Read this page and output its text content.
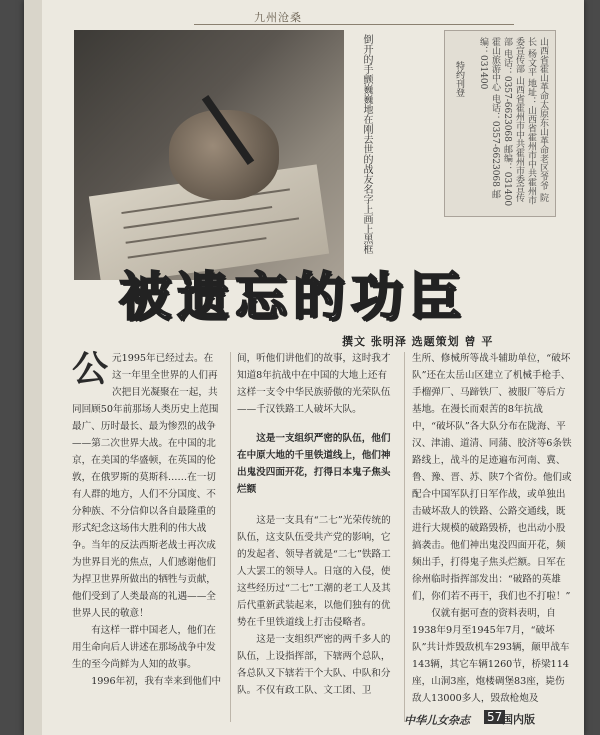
九州沧桑
倒开的手颤巍巍地在刚去世的战友名字上画上黑框	山西省霍山革命太原东山革命老区爷爷 院长 杨文平 地址：山西省霍州市中共霍州市委宣传部 山西省霍州市中共霍州市委宣传部 电话：0357-6623068 邮编：031400 霍山旅游中心 电话：0357-6623068 邮编：031400
特约刊登
被遗忘的功臣
撰文 张明泽 选题策划 曾 平

公元1995年已经过去。在这一年里全世界的人们再次把目光凝聚在一起，共同回顾50年前那场人类历史上范围最广、历时最长、最为惨烈的战争——第二次世界大战。在中国的北京，在美国的华盛顿，在英国的伦敦，在俄罗斯的莫斯科……在一切有人群的地方，人们不分国度、不分种族、不分信仰以各自最隆重的形式纪念这场伟大胜利的伟大战争。当年的反法西斯老战士再次成为世界目光的焦点，人们感谢他们为捍卫世界所做出的牺牲与贡献，他们受到了人类最高的礼遇——全世界人民的敬意！

有这样一群中国老人，他们在用生命向后人讲述在那场战争中发生的至今尚鲜为人知的故事。

1996年初，我有幸来到他们中

间，听他们讲他们的故事，这时我才知道8年抗战中在中国的大地上还有这样一支令中华民族骄傲的光荣队伍——千汉铁路工人破坏大队。

这是一支组织严密的队伍，他们在中原大地的千里铁道线上，他们神出鬼没四面开花，打得日本鬼子焦头烂额

这是一支具有“二七”光荣传统的队伍，这支队伍受共产党的影响，它的发起者、领导者就是“二七”铁路工人大罢工的领导人。日寇的入侵，使这些经历过“二七”工潮的老工人及其后代重新武装起来，以他们独有的优势在千里铁道线上打击侵略者。

这是一支组织严密的两千多人的队伍，上设指挥部，下辖两个总队，各总队又下辖若干个大队、中队和分队。不仅有政工队、文工团、卫

生所、修械所等战斗辅助单位，“破坏队”还在太岳山区建立了机械手枪手、手榴弹厂、马蹄铁厂、被服厂等后方基地。在漫长而艰苦的8年抗战中，“破坏队”各大队分布在陇海、平汉、津浦、道清、同蒲、胶济等6条铁路线上，战斗的足迹遍布河南、冀、鲁、豫、晋、苏、陕7个省份。他们或配合中国军队打日军作战，或单独出击破坏敌人的铁路、公路交通线，既进行大规模的破路毁桥，也出动小股搞袭击。他们神出鬼没四面开花，频频出手，打得鬼子焦头烂额。日军在徐州临时指挥部发出：“破路的英雄们，你们若不再干，我们也不打啦！”

仅就有据可查的资料表明，自1938年9月至1945年7月，“破坏队”共计炸毁敌机车293辆，颠甲战车143辆，其它车辆1260节，桥梁114座，山洞3座，炮楼碉堡83座，毙伤敌人13000多人，毁敌枪炮及

中华儿女杂志 57 国内版
